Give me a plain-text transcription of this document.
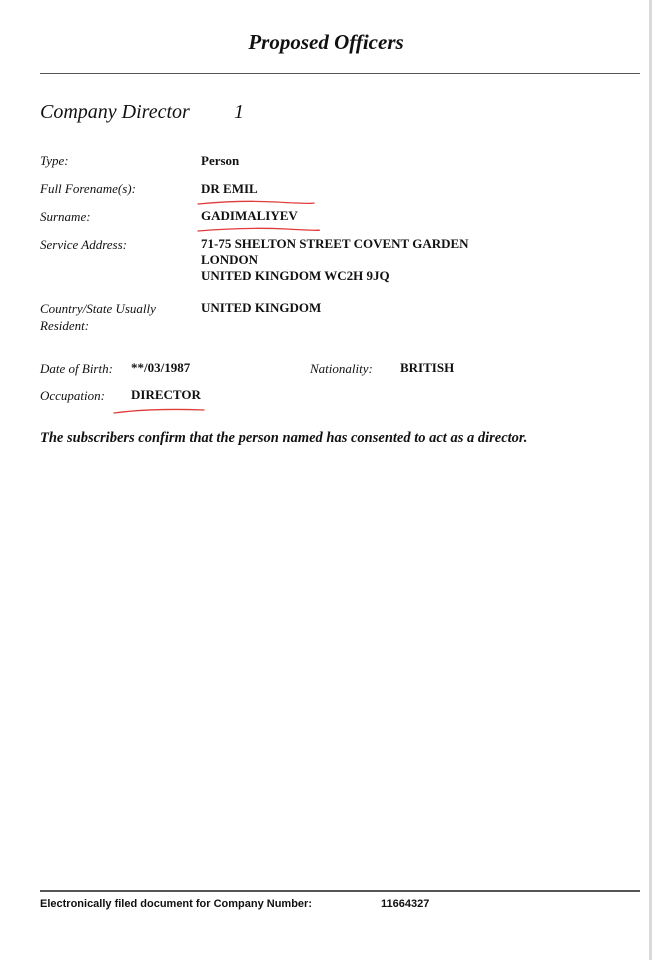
Proposed Officers
Company Director 1
Type:	Person
Full Forename(s):	DR EMIL
Surname:	GADIMALIYEV
Service Address:	71-75 SHELTON STREET COVENT GARDEN
LONDON
UNITED KINGDOM WC2H 9JQ
Country/State Usually
Resident:
UNITED KINGDOM
Date of Birth: **/03/1987	Nationality: BRITISH
Occupation: DIRECTOR
The subscribers confirm that the person named has consented to act as a director.
Electronically filed document for Company Number:	11664327
